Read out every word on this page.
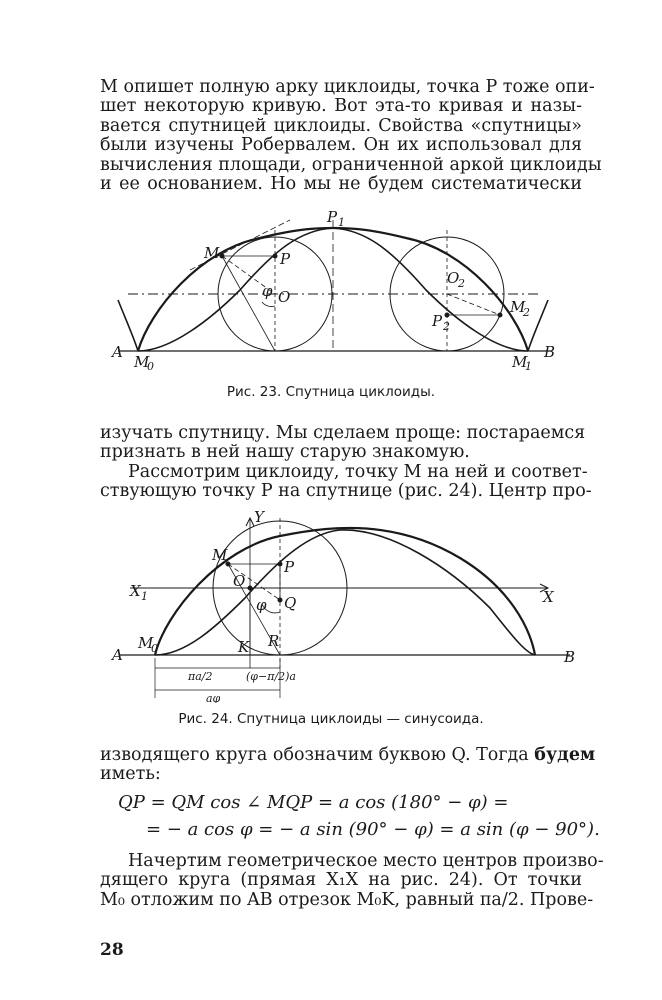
M опишет полную арку циклоиды, точка P тоже опи-
шет некоторую кривую. Вот эта-то кривая и назы-
вается спутницей циклоиды. Свойства «спутницы»
были изучены Робервалем. Он их использовал для
вычисления площади, ограниченной аркой циклоиды
и ее основанием. Но мы не будем систематически
P 1
M	P
φ O
O
2
M
2
P 2
A
M
0	M
1
B
Рис. 23. Спутница циклоиды.
изучать спутницу. Мы сделаем проще: постараемся
признать в ней нашу старую знакомую.
Рассмотрим циклоиду, точку M на ней и соответ-
ствующую точку P на спутнице (рис. 24). Центр про-
Y
M
P
X 1
O
X
φ Q
A
M
0	K R
B
πa/2	(φ−π/2)a
aφ
Рис. 24. Спутница циклоиды — синусоида.
изводящего круга обозначим буквою Q. Тогда будем
иметь:
QP = QM cos ∠ MQP = a cos (180° − φ) =
= − a cos φ = − a sin (90° − φ) = a sin (φ − 90°).
Начертим геометрическое место центров произво-
дящего круга (прямая X₁X на рис. 24). От точки
M₀ отложим по AB отрезок M₀K, равный πa/2. Прове-
28
